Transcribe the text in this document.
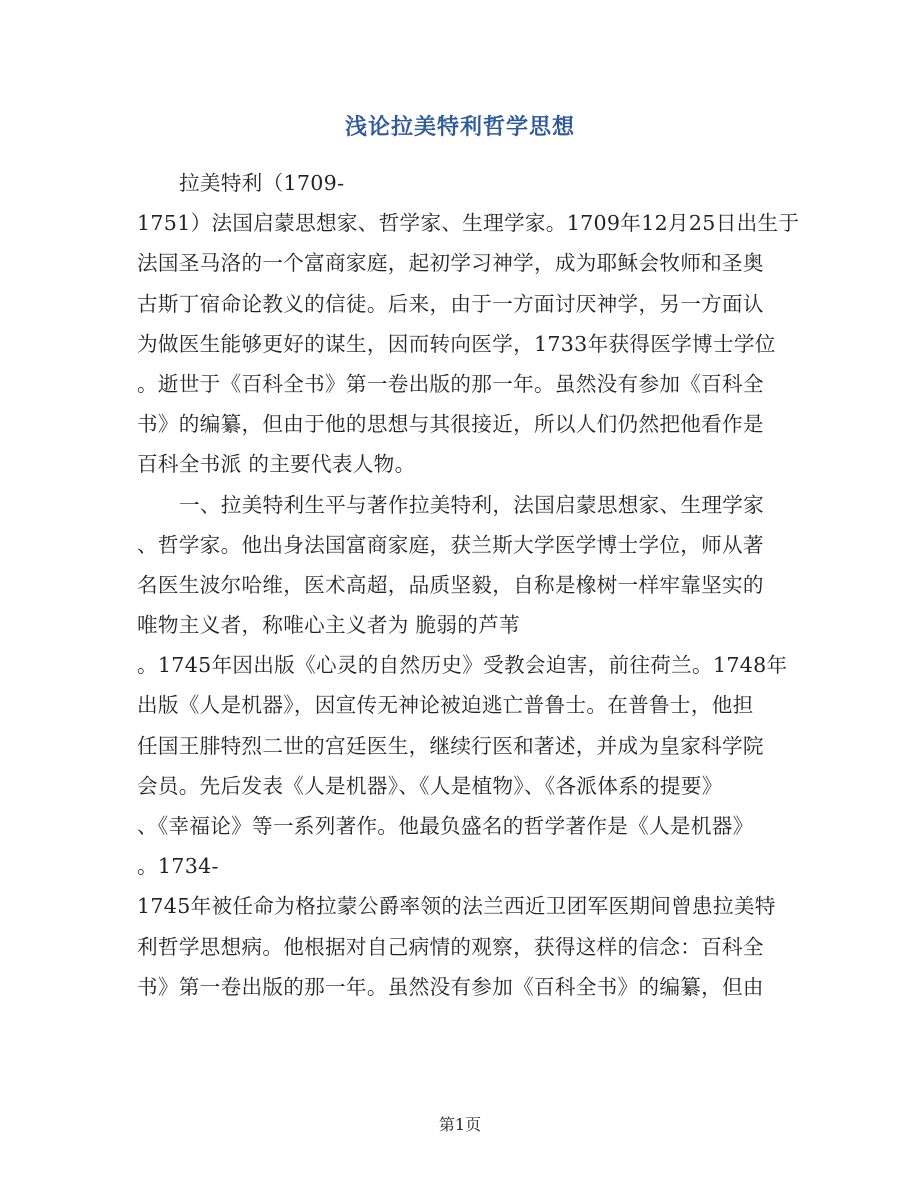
浅论拉美特利哲学思想
拉美特利（1709-
1751）法国启蒙思想家、哲学家、生理学家。1709年12月25日出生于
法国圣马洛的一个富商家庭，起初学习神学，成为耶稣会牧师和圣奥
古斯丁宿命论教义的信徒。后来，由于一方面讨厌神学，另一方面认
为做医生能够更好的谋生，因而转向医学，1733年获得医学博士学位
。逝世于《百科全书》第一卷出版的那一年。虽然没有参加《百科全
书》的编纂，但由于他的思想与其很接近，所以人们仍然把他看作是
百科全书派 的主要代表人物。
一、拉美特利生平与著作拉美特利，法国启蒙思想家、生理学家
、哲学家。他出身法国富商家庭，获兰斯大学医学博士学位，师从著
名医生波尔哈维，医术高超，品质坚毅，自称是橡树一样牢靠坚实的
唯物主义者，称唯心主义者为 脆弱的芦苇
。1745年因出版《心灵的自然历史》受教会迫害，前往荷兰。1748年
出版《人是机器》，因宣传无神论被迫逃亡普鲁士。在普鲁士，他担
任国王腓特烈二世的宫廷医生，继续行医和著述，并成为皇家科学院
会员。先后发表《人是机器》、《人是植物》、《各派体系的提要》
、《幸福论》等一系列著作。他最负盛名的哲学著作是《人是机器》
。1734-
1745年被任命为格拉蒙公爵率领的法兰西近卫团军医期间曾患拉美特
利哲学思想病。他根据对自己病情的观察，获得这样的信念：百科全
书》第一卷出版的那一年。虽然没有参加《百科全书》的编纂，但由
第1页
